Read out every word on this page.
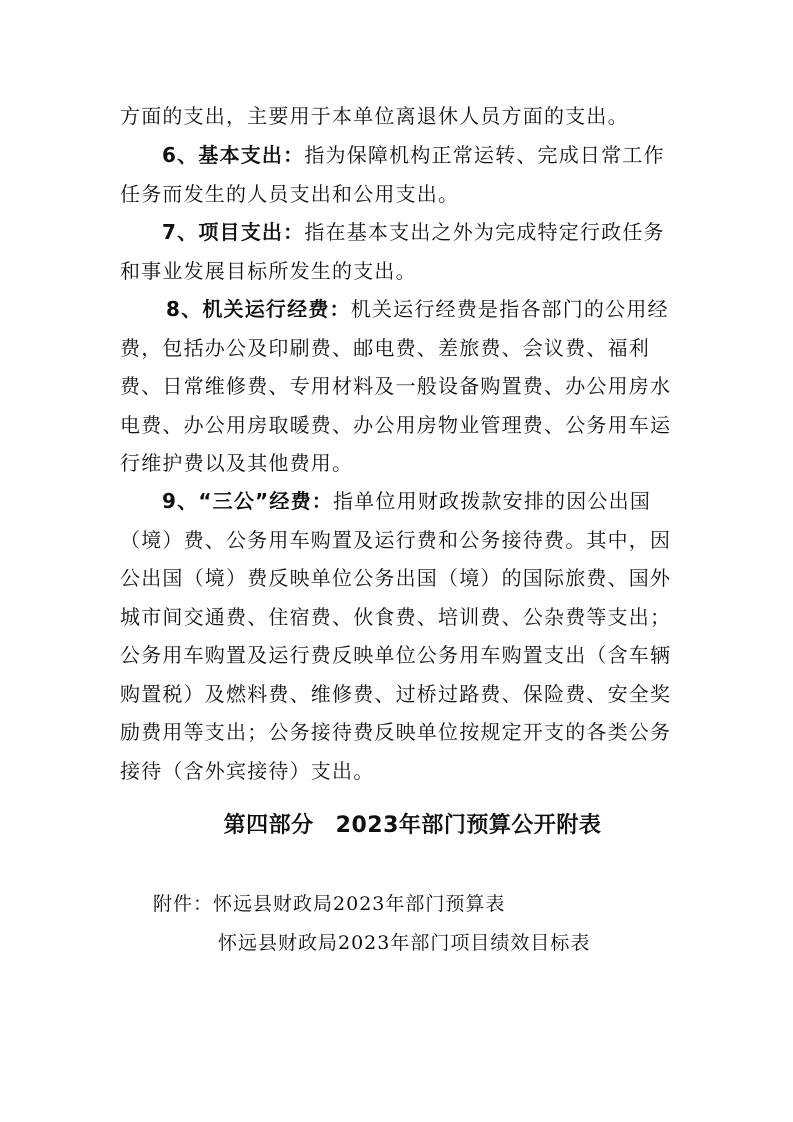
方面的支出，主要用于本单位离退休人员方面的支出。

6、基本支出：指为保障机构正常运转、完成日常工作任务而发生的人员支出和公用支出。

7、项目支出：指在基本支出之外为完成特定行政任务和事业发展目标所发生的支出。

8、机关运行经费：机关运行经费是指各部门的公用经费，包括办公及印刷费、邮电费、差旅费、会议费、福利费、日常维修费、专用材料及一般设备购置费、办公用房水电费、办公用房取暖费、办公用房物业管理费、公务用车运行维护费以及其他费用。

9、“三公”经费：指单位用财政拨款安排的因公出国（境）费、公务用车购置及运行费和公务接待费。其中，因公出国（境）费反映单位公务出国（境）的国际旅费、国外城市间交通费、住宿费、伙食费、培训费、公杂费等支出；公务用车购置及运行费反映单位公务用车购置支出（含车辆购置税）及燃料费、维修费、过桥过路费、保险费、安全奖励费用等支出；公务接待费反映单位按规定开支的各类公务接待（含外宾接待）支出。

第四部分 2023年部门预算公开附表
附件：怀远县财政局2023年部门预算表
怀远县财政局2023年部门项目绩效目标表
